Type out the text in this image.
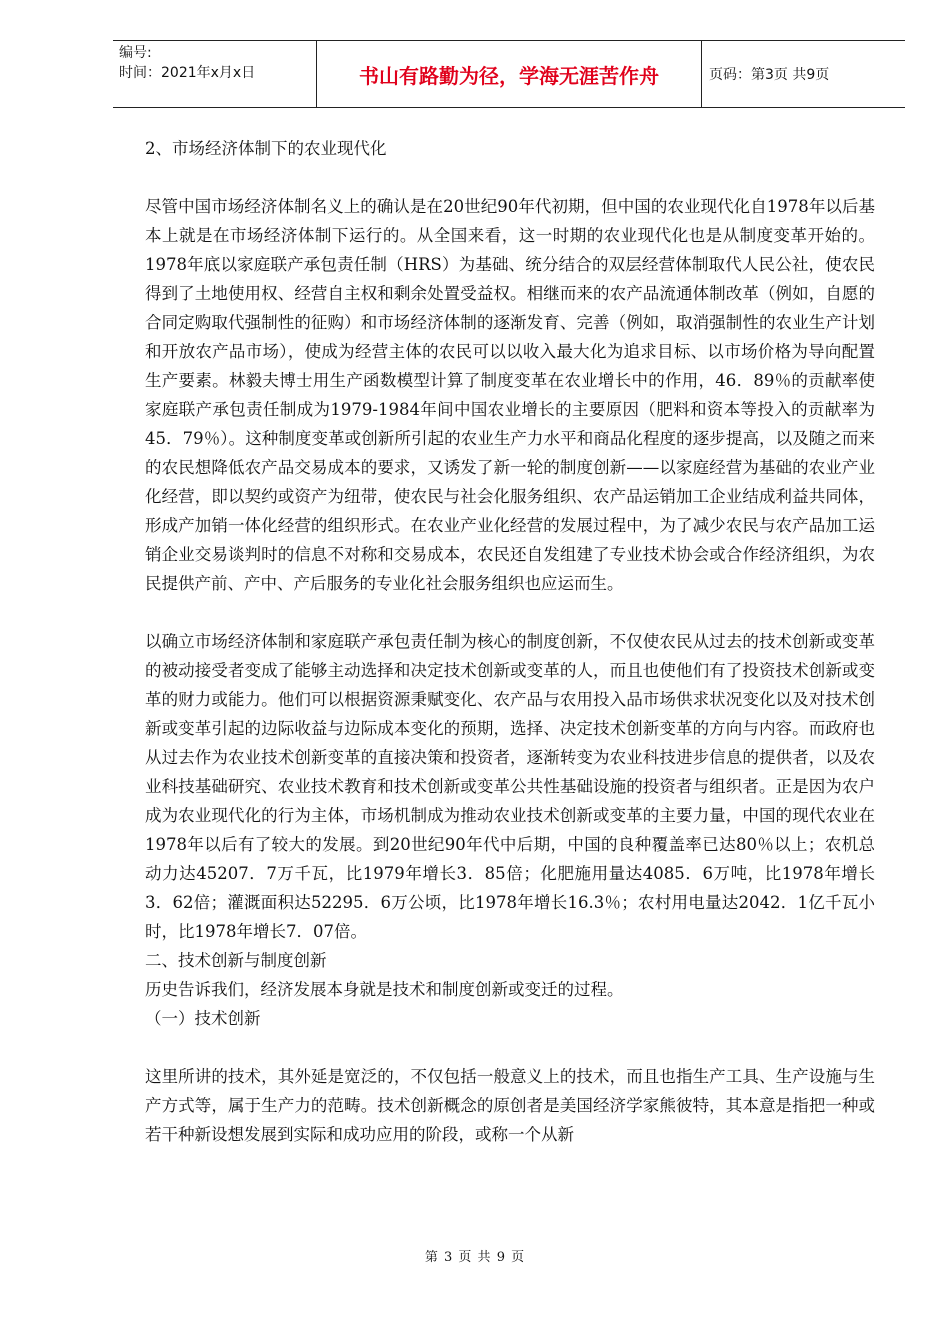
编号:
时间：2021年x月x日	书山有路勤为径，学海无涯苦作舟	页码：第3页 共9页

2、市场经济体制下的农业现代化

尽管中国市场经济体制名义上的确认是在20世纪90年代初期，但中国的农业现代化自1978年以后基本上就是在市场经济体制下运行的。从全国来看，这一时期的农业现代化也是从制度变革开始的。1978年底以家庭联产承包责任制（HRS）为基础、统分结合的双层经营体制取代人民公社，使农民得到了土地使用权、经营自主权和剩余处置受益权。相继而来的农产品流通体制改革（例如，自愿的合同定购取代强制性的征购）和市场经济体制的逐渐发育、完善（例如，取消强制性的农业生产计划和开放农产品市场），使成为经营主体的农民可以以收入最大化为追求目标、以市场价格为导向配置生产要素。林毅夫博士用生产函数模型计算了制度变革在农业增长中的作用，46．89％的贡献率使家庭联产承包责任制成为1979-1984年间中国农业增长的主要原因（肥料和资本等投入的贡献率为45．79％）。这种制度变革或创新所引起的农业生产力水平和商品化程度的逐步提高，以及随之而来的农民想降低农产品交易成本的要求，又诱发了新一轮的制度创新——以家庭经营为基础的农业产业化经营，即以契约或资产为纽带，使农民与社会化服务组织、农产品运销加工企业结成利益共同体，形成产加销一体化经营的组织形式。在农业产业化经营的发展过程中，为了减少农民与农产品加工运销企业交易谈判时的信息不对称和交易成本，农民还自发组建了专业技术协会或合作经济组织，为农民提供产前、产中、产后服务的专业化社会服务组织也应运而生。

以确立市场经济体制和家庭联产承包责任制为核心的制度创新，不仅使农民从过去的技术创新或变革的被动接受者变成了能够主动选择和决定技术创新或变革的人，而且也使他们有了投资技术创新或变革的财力或能力。他们可以根据资源秉赋变化、农产品与农用投入品市场供求状况变化以及对技术创新或变革引起的边际收益与边际成本变化的预期，选择、决定技术创新变革的方向与内容。而政府也从过去作为农业技术创新变革的直接决策和投资者，逐渐转变为农业科技进步信息的提供者，以及农业科技基础研究、农业技术教育和技术创新或变革公共性基础设施的投资者与组织者。正是因为农户成为农业现代化的行为主体，市场机制成为推动农业技术创新或变革的主要力量，中国的现代农业在1978年以后有了较大的发展。到20世纪90年代中后期，中国的良种覆盖率已达80％以上；农机总动力达45207．7万千瓦，比1979年增长3．85倍；化肥施用量达4085．6万吨，比1978年增长3．62倍；灌溉面积达52295．6万公顷，比1978年增长16.3％；农村用电量达2042．1亿千瓦小时，比1978年增长7．07倍。

二、技术创新与制度创新

历史告诉我们，经济发展本身就是技术和制度创新或变迁的过程。

（一）技术创新

这里所讲的技术，其外延是宽泛的，不仅包括一般意义上的技术，而且也指生产工具、生产设施与生产方式等，属于生产力的范畴。技术创新概念的原创者是美国经济学家熊彼特，其本意是指把一种或若干种新设想发展到实际和成功应用的阶段，或称一个从新

第 3 页 共 9 页
